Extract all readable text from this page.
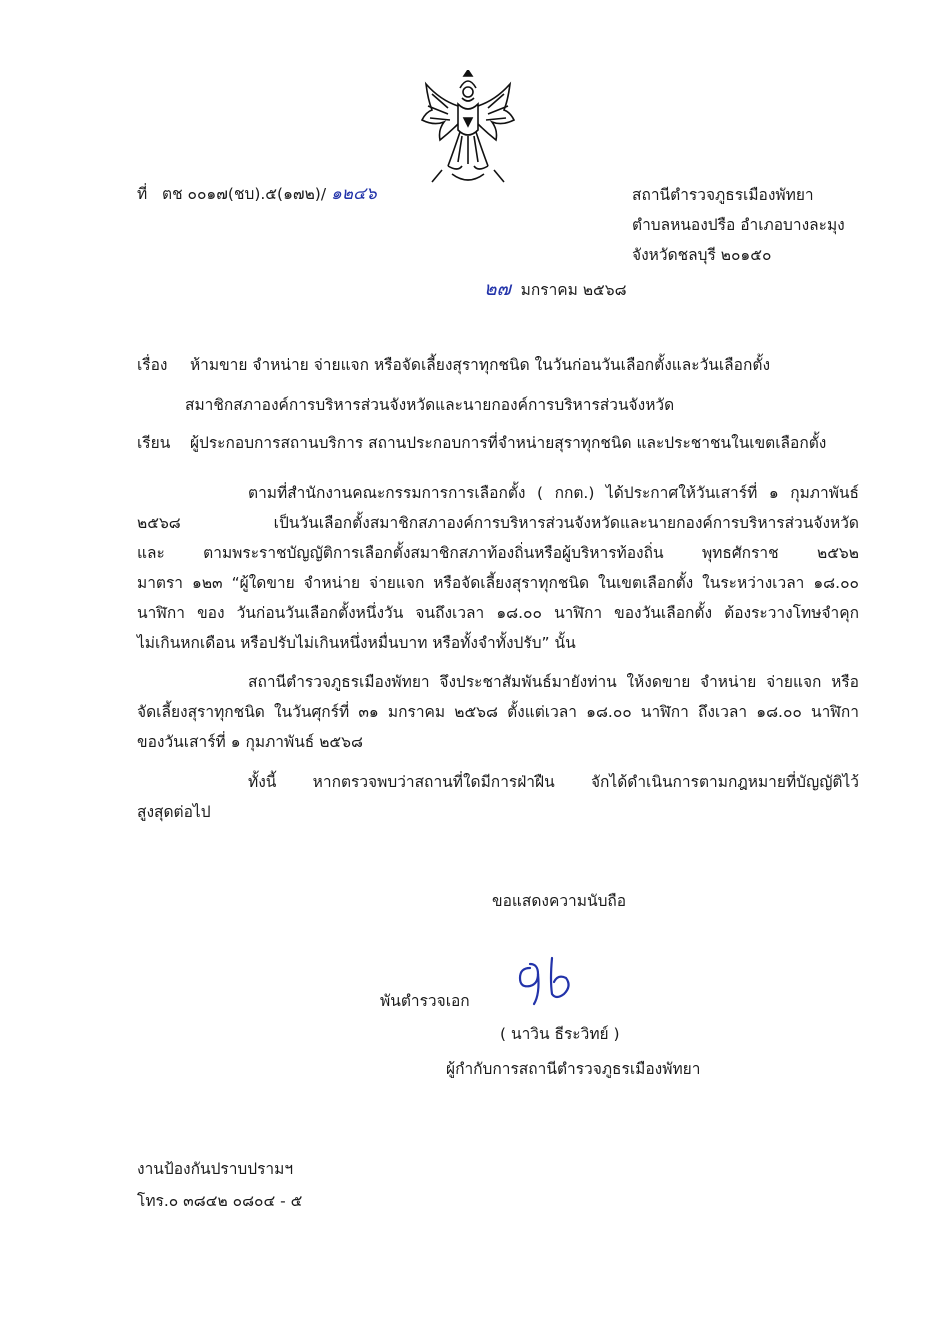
ที่ ตช ๐๐๑๗(ชบ).๕(๑๗๒)/ ๑๒๔๖	สถานีตำรวจภูธรเมืองพัทยา
ตำบลหนองปรือ อำเภอบางละมุง
จังหวัดชลบุรี ๒๐๑๕๐
๒๗ มกราคม ๒๕๖๘
เรื่อง ห้ามขาย จำหน่าย จ่ายแจก หรือจัดเลี้ยงสุราทุกชนิด ในวันก่อนวันเลือกตั้งและวันเลือกตั้ง
สมาชิกสภาองค์การบริหารส่วนจังหวัดและนายกองค์การบริหารส่วนจังหวัด
เรียน ผู้ประกอบการสถานบริการ สถานประกอบการที่จำหน่ายสุราทุกชนิด และประชาชนในเขตเลือกตั้ง
ตามที่สำนักงานคณะกรรมการการเลือกตั้ง ( กกต.) ได้ประกาศให้วันเสาร์ที่ ๑ กุมภาพันธ์
๒๕๖๘ เป็นวันเลือกตั้งสมาชิกสภาองค์การบริหารส่วนจังหวัดและนายกองค์การบริหารส่วนจังหวัด
และ ตามพระราชบัญญัติการเลือกตั้งสมาชิกสภาท้องถิ่นหรือผู้บริหารท้องถิ่น พุทธศักราช ๒๕๖๒
มาตรา ๑๒๓ “ผู้ใดขาย จำหน่าย จ่ายแจก หรือจัดเลี้ยงสุราทุกชนิด ในเขตเลือกตั้ง ในระหว่างเวลา ๑๘.๐๐
นาฬิกา ของ วันก่อนวันเลือกตั้งหนึ่งวัน จนถึงเวลา ๑๘.๐๐ นาฬิกา ของวันเลือกตั้ง ต้องระวางโทษจำคุก
ไม่เกินหกเดือน หรือปรับไม่เกินหนึ่งหมื่นบาท หรือทั้งจำทั้งปรับ” นั้น
สถานีตำรวจภูธรเมืองพัทยา จึงประชาสัมพันธ์มายังท่าน ให้งดขาย จำหน่าย จ่ายแจก หรือ
จัดเลี้ยงสุราทุกชนิด ในวันศุกร์ที่ ๓๑ มกราคม ๒๕๖๘ ตั้งแต่เวลา ๑๘.๐๐ นาฬิกา ถึงเวลา ๑๘.๐๐ นาฬิกา
ของวันเสาร์ที่ ๑ กุมภาพันธ์ ๒๕๖๘
ทั้งนี้ หากตรวจพบว่าสถานที่ใดมีการฝ่าฝืน จักได้ดำเนินการตามกฎหมายที่บัญญัติไว้
สูงสุดต่อไป
ขอแสดงความนับถือ
พันตำรวจเอก
( นาวิน ธีระวิทย์ )
ผู้กำกับการสถานีตำรวจภูธรเมืองพัทยา
งานป้องกันปราบปรามฯ
โทร.๐ ๓๘๔๒ ๐๘๐๔ - ๕
